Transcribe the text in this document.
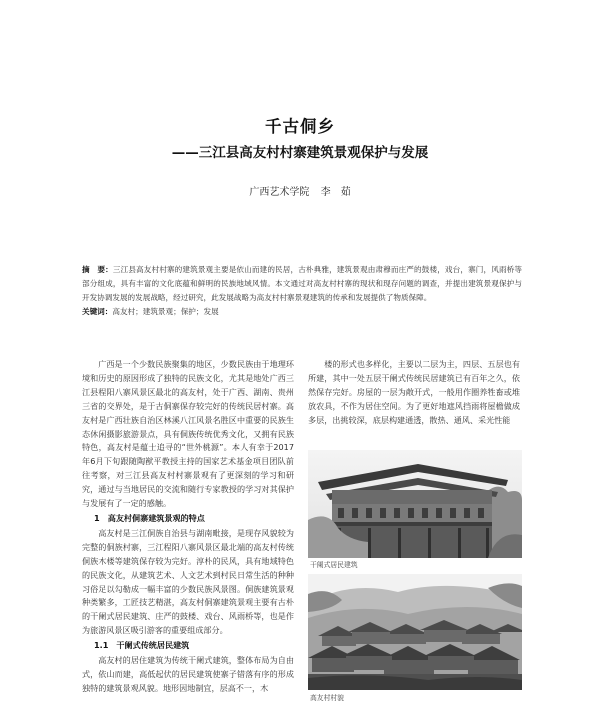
千古侗乡
——三江县高友村村寨建筑景观保护与发展
广西艺术学院 李　茹

摘　要：三江县高友村村寨的建筑景观主要是依山而建的民居，古朴典雅，建筑景观由肃穆而庄严的鼓楼，戏台，寨门，风雨桥等部分组成，具有丰富的文化底蕴和鲜明的民族地域风情。本文通过对高友村村寨的现状和现存问题的调查，并提出建筑景观保护与开发协调发展的发展战略，经过研究，此发展战略为高友村村寨景观建筑的传承和发展提供了物质保障。

关键词：高友村；建筑景观；保护；发展

广西是一个少数民族聚集的地区，少数民族由于地理环境和历史的原因形成了独特的民族文化，尤其是地处广西三江县程阳八寨风景区最北的高友村，处于广西、湖南、贵州三省的交界处，是于古侗寨保存较完好的传统民居村寨。高友村是广西壮族自治区林溪八江风景名胜区中重要的民族生态休闲摄影旅游景点，具有侗族传统优秀文化，又拥有民族特色，高友村是蕴士追寻的“世外桃源”。本人有幸于2017年6月下旬跟随陶猷平教授主持的国家艺术基金项目团队前往考察，对三江县高友村村寨景观有了更深刻的学习和研究，通过与当地居民的交流和随行专家教授的学习对其保护与发展有了一定的感触。

1　高友村侗寨建筑景观的特点

高友村是三江侗族自治县与湖南毗接，是现存风貌较为完整的侗族村寨，三江程阳八寨风景区最北端的高友村传统侗族木楼等建筑保存较为完好。淳朴的民风，具有地域特色的民族文化，从建筑艺术、人文艺术到村民日常生活的种种习俗足以勾勒成一幅丰富的少数民族风景图。侗族建筑景观种类繁多，工匠技艺精湛，高友村侗寨建筑景观主要有古朴的干阑式居民建筑、庄严的鼓楼、戏台、风雨桥等，也是作为旅游风景区吸引游客的重要组成部分。

1.1　干阑式传统居民建筑

高友村的居住建筑为传统干阑式建筑，整体布局为自由式，依山而建，高低起伏的居民建筑使寨子错落有序的形成独特的建筑景观风貌。地形因地制宜，层高不一，木

楼的形式也多样化，主要以二层为主，四层、五层也有所建，其中一处五层干阑式传统民居建筑已有百年之久，依然保存完好。房屋的一层为敞开式，一般用作圈养牲畜或堆放农具，不作为居住空间。为了更好地遮风挡雨将屋檐做成多层，出挑较深，底层构建通透，散热、通风、采光性能

干阑式居民建筑
高友村村貌
